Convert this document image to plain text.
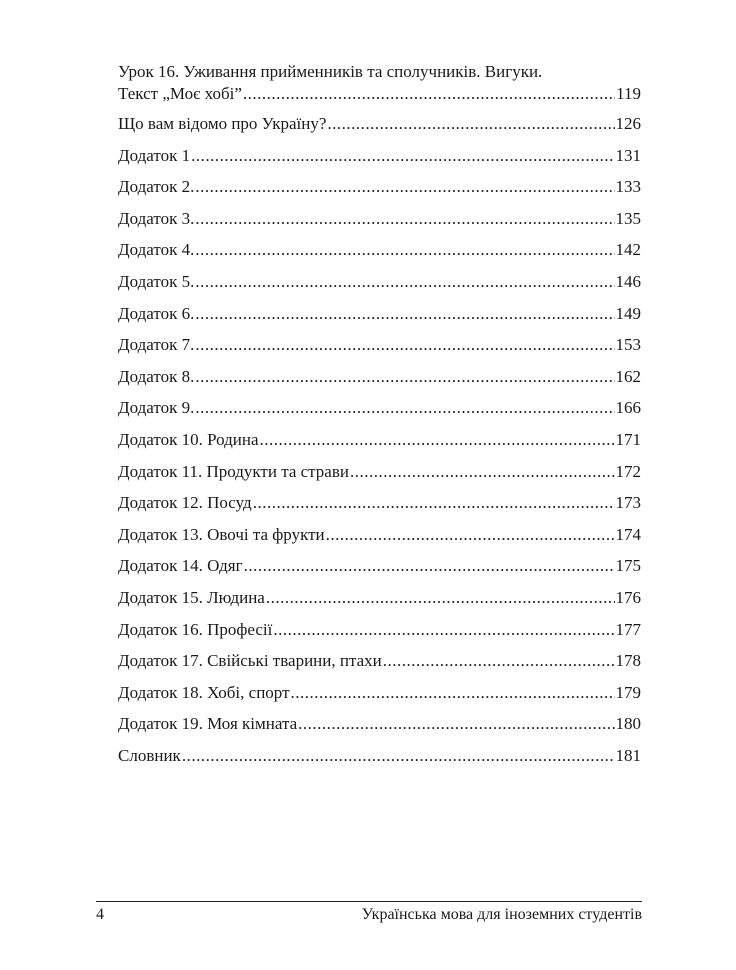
Урок 16. Уживання прийменників та сполучників. Вигуки.
Текст „Моє хобі” .....	119
Що вам відомо про Україну? .....	126
Додаток 1 .....	131
Додаток 2. .....	133
Додаток 3. .....	135
Додаток 4. .....	142
Додаток 5. .....	146
Додаток 6. .....	149
Додаток 7. .....	153
Додаток 8. .....	162
Додаток 9. .....	166
Додаток 10. Родина .....	171
Додаток 11. Продукти та страви .....	172
Додаток 12. Посуд .....	173
Додаток 13. Овочі та фрукти .....	174
Додаток 14. Одяг .....	175
Додаток 15. Людина .....	176
Додаток 16. Професії .....	177
Додаток 17. Свійські тварини, птахи .....	178
Додаток 18. Хобі, спорт .....	179
Додаток 19. Моя кімната .....	180
Словник .....	181
4	Українська мова для іноземних студентів
